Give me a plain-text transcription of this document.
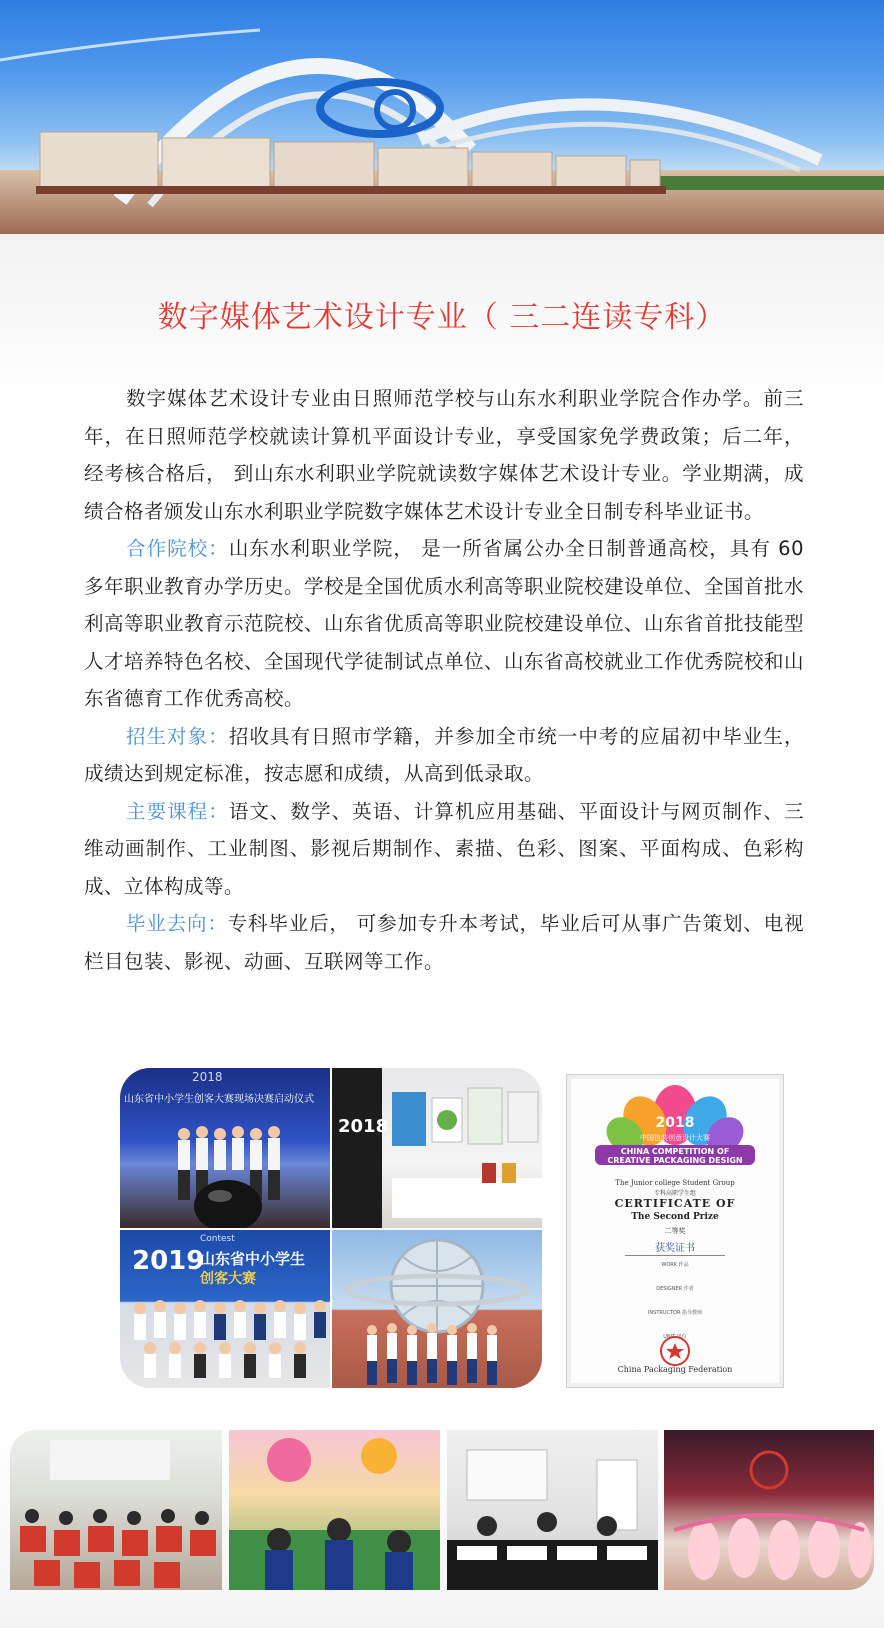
数字媒体艺术设计专业（ 三二连读专科）

数字媒体艺术设计专业由日照师范学校与山东水利职业学院合作办学。前三年，在日照师范学校就读计算机平面设计专业，享受国家免学费政策；后二年， 经考核合格后， 到山东水利职业学院就读数字媒体艺术设计专业。学业期满，成绩合格者颁发山东水利职业学院数字媒体艺术设计专业全日制专科毕业证书。

合作院校：山东水利职业学院， 是一所省属公办全日制普通高校，具有 60 多年职业教育办学历史。学校是全国优质水利高等职业院校建设单位、全国首批水利高等职业教育示范院校、山东省优质高等职业院校建设单位、山东省首批技能型人才培养特色名校、全国现代学徒制试点单位、山东省高校就业工作优秀院校和山东省德育工作优秀高校。

招生对象：招收具有日照市学籍，并参加全市统一中考的应届初中毕业生，成绩达到规定标准，按志愿和成绩，从高到低录取。

主要课程：语文、数学、英语、计算机应用基础、平面设计与网页制作、三维动画制作、工业制图、影视后期制作、素描、色彩、图案、平面构成、色彩构成、立体构成等。

毕业去向：专科毕业后， 可参加专升本考试，毕业后可从事广告策划、电视栏目包装、影视、动画、互联网等工作。

2018
山东省中小学生创客大赛现场决赛启动仪式
2018
Contest
2019
山东省中小学生
创客大赛
2018
中国包装创意设计大赛
CHINA COMPETITION OF
CREATIVE PACKAGING DESIGN
The Junior college Student Group
专科高职学生组
CERTIFICATE OF
The Second Prize
二等奖
获奖证书
WORK 作品
DESIGNER 作者
INSTRUCTOR 指导教师
UNIT 单位
China Packaging Federation
